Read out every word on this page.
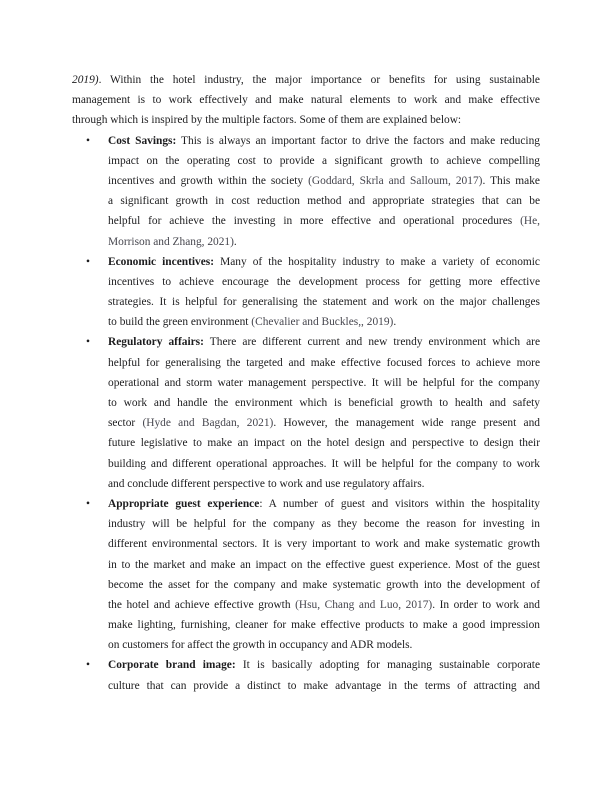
2019). Within the hotel industry, the major importance or benefits for using sustainable
management is to work effectively and make natural elements to work and make effective
through which is inspired by the multiple factors. Some of them are explained below:
• Cost Savings: This is always an important factor to drive the factors and make reducing
impact on the operating cost to provide a significant growth to achieve compelling
incentives and growth within the society (Goddard, Skrla and Salloum, 2017). This make
a significant growth in cost reduction method and appropriate strategies that can be
helpful for achieve the investing in more effective and operational procedures (He,
Morrison and Zhang, 2021).
• Economic incentives: Many of the hospitality industry to make a variety of economic
incentives to achieve encourage the development process for getting more effective
strategies. It is helpful for generalising the statement and work on the major challenges
to build the green environment (Chevalier and Buckles,, 2019).
• Regulatory affairs: There are different current and new trendy environment which are
helpful for generalising the targeted and make effective focused forces to achieve more
operational and storm water management perspective. It will be helpful for the company
to work and handle the environment which is beneficial growth to health and safety
sector (Hyde and Bagdan, 2021). However, the management wide range present and
future legislative to make an impact on the hotel design and perspective to design their
building and different operational approaches. It will be helpful for the company to work
and conclude different perspective to work and use regulatory affairs.
• Appropriate guest experience: A number of guest and visitors within the hospitality
industry will be helpful for the company as they become the reason for investing in
different environmental sectors. It is very important to work and make systematic growth
in to the market and make an impact on the effective guest experience. Most of the guest
become the asset for the company and make systematic growth into the development of
the hotel and achieve effective growth (Hsu, Chang and Luo, 2017). In order to work and
make lighting, furnishing, cleaner for make effective products to make a good impression
on customers for affect the growth in occupancy and ADR models.
• Corporate brand image: It is basically adopting for managing sustainable corporate
culture that can provide a distinct to make advantage in the terms of attracting and
